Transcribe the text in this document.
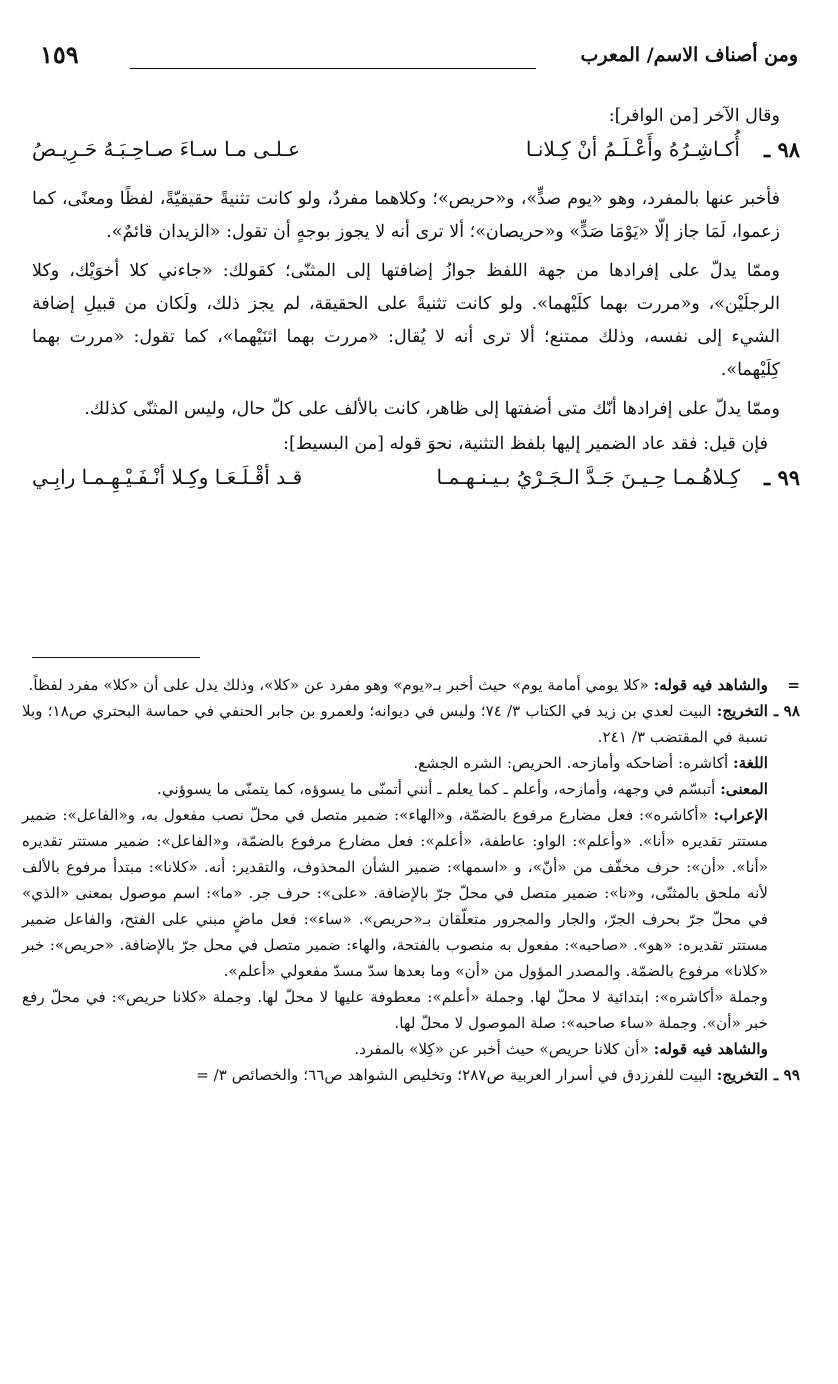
ومن أصناف الاسم/ المعرب
١٥٩
وقال الآخر [من الوافر]:
٩٨ ـ
أُكـاشِـرُهُ وأَعْـلَـمُ أنْ كِـلانـا
عـلـى مـا سـاءَ صـاحِـبَـهُ حَـرِيـصُ
فأخبر عنها بالمفرد، وهو «يوم صدٍّ»، و«حريص»؛ وكلاهما مفردٌ، ولو كانت تثنيةً حقيقيّةً، لفظًا ومعنًى، كما زعموا، لَمَا جاز إلّا «يَوْمَا صَدٍّ» و«حريصان»؛ ألا ترى أنه لا يجوز بوجهٍ أن تقول: «الزيدان قائمٌ».
وممّا يدلّ على إفرادها من جهة اللفظ جوازُ إضافتها إلى المثنّى؛ كقولك: «جاءني كلا أخوَيْك، وكلا الرجلَيْن»، و«مررت بهما كلَيْهما». ولو كانت تثنيةً على الحقيقة، لم يجز ذلك، ولَكان من قبيلِ إضافة الشيء إلى نفسه، وذلك ممتنع؛ ألا ترى أنه لا يُقال: «مررت بهما اثنَيْهما»، كما تقول: «مررت بهما كِلَيْهما».
وممّا يدلّ على إفرادها أنّك متى أضفتها إلى ظاهر، كانت بالألف على كلّ حال، وليس المثنّى كذلك.
فإن قيل: فقد عاد الضمير إليها بلفظ التثنية، نحوَ قوله [من البسيط]:
٩٩ ـ
كِـلاهُـمـا حِـيـنَ جَـدَّ الـجَـرْيُ بـيـنـهـمـا
قـد أقْـلَـعَـا وكِـلا أنْـفَـيْـهِـمـا رابِـي
=
والشاهد فيه قوله: «كلا يومي أمامة يوم» حيث أخبر بـ«يوم» وهو مفرد عن «كلا»، وذلك يدل على أن «كلا» مفرد لفظاً.
٩٨ ـ
التخريج: البيت لعدي بن زيد في الكتاب ٣/ ٧٤؛ وليس في ديوانه؛ ولعمرو بن جابر الحنفي في حماسة البحتري ص١٨؛ وبلا نسبة في المقتضب ٣/ ٢٤١.
اللغة: أكاشره: أضاحكه وأمازحه. الحريص: الشره الجشع.
المعنى: أتبسّم في وجهه، وأمازحه، وأعلم ـ كما يعلم ـ أنني أتمنّى ما يسوؤه، كما يتمنّى ما يسوؤني.
الإعراب: «أكاشره»: فعل مضارع مرفوع بالضمّة، و«الهاء»: ضمير متصل في محلّ نصب مفعول به، و«الفاعل»: ضمير مستتر تقديره «أنا». «وأعلم»: الواو: عاطفة، «أعلم»: فعل مضارع مرفوع بالضمّة، و«الفاعل»: ضمير مستتر تقديره «أنا». «أن»: حرف مخفّف من «أنّ»، و «اسمها»: ضمير الشأن المحذوف، والتقدير: أنه. «كلانا»: مبتدأ مرفوع بالألف لأنه ملحق بالمثنّى، و«نا»: ضمير متصل في محلّ جرّ بالإضافة. «على»: حرف جر. «ما»: اسم موصول بمعنى «الذي» في محلّ جرّ بحرف الجرّ، والجار والمجرور متعلّقان بـ«حريص». «ساء»: فعل ماضٍ مبني على الفتح، والفاعل ضمير مستتر تقديره: «هو». «صاحبه»: مفعول به منصوب بالفتحة، والهاء: ضمير متصل في محل جرّ بالإضافة. «حريص»: خبر «كلانا» مرفوع بالضمّة. والمصدر المؤول من «أن» وما بعدها سدّ مسدّ مفعولي «أعلم».
وجملة «أكاشره»: ابتدائية لا محلّ لها. وجملة «أعلم»: معطوفة عليها لا محلّ لها. وجملة «كلانا حريص»: في محلّ رفع خبر «أن». وجملة «ساء صاحبه»: صلة الموصول لا محلّ لها.
والشاهد فيه قوله: «أن كلانا حريص» حيث أخبر عن «كِلا» بالمفرد.
٩٩ ـ
التخريج: البيت للفرزدق في أسرار العربية ص٢٨٧؛ وتخليص الشواهد ص٦٦؛ والخصائص ٣/ =
